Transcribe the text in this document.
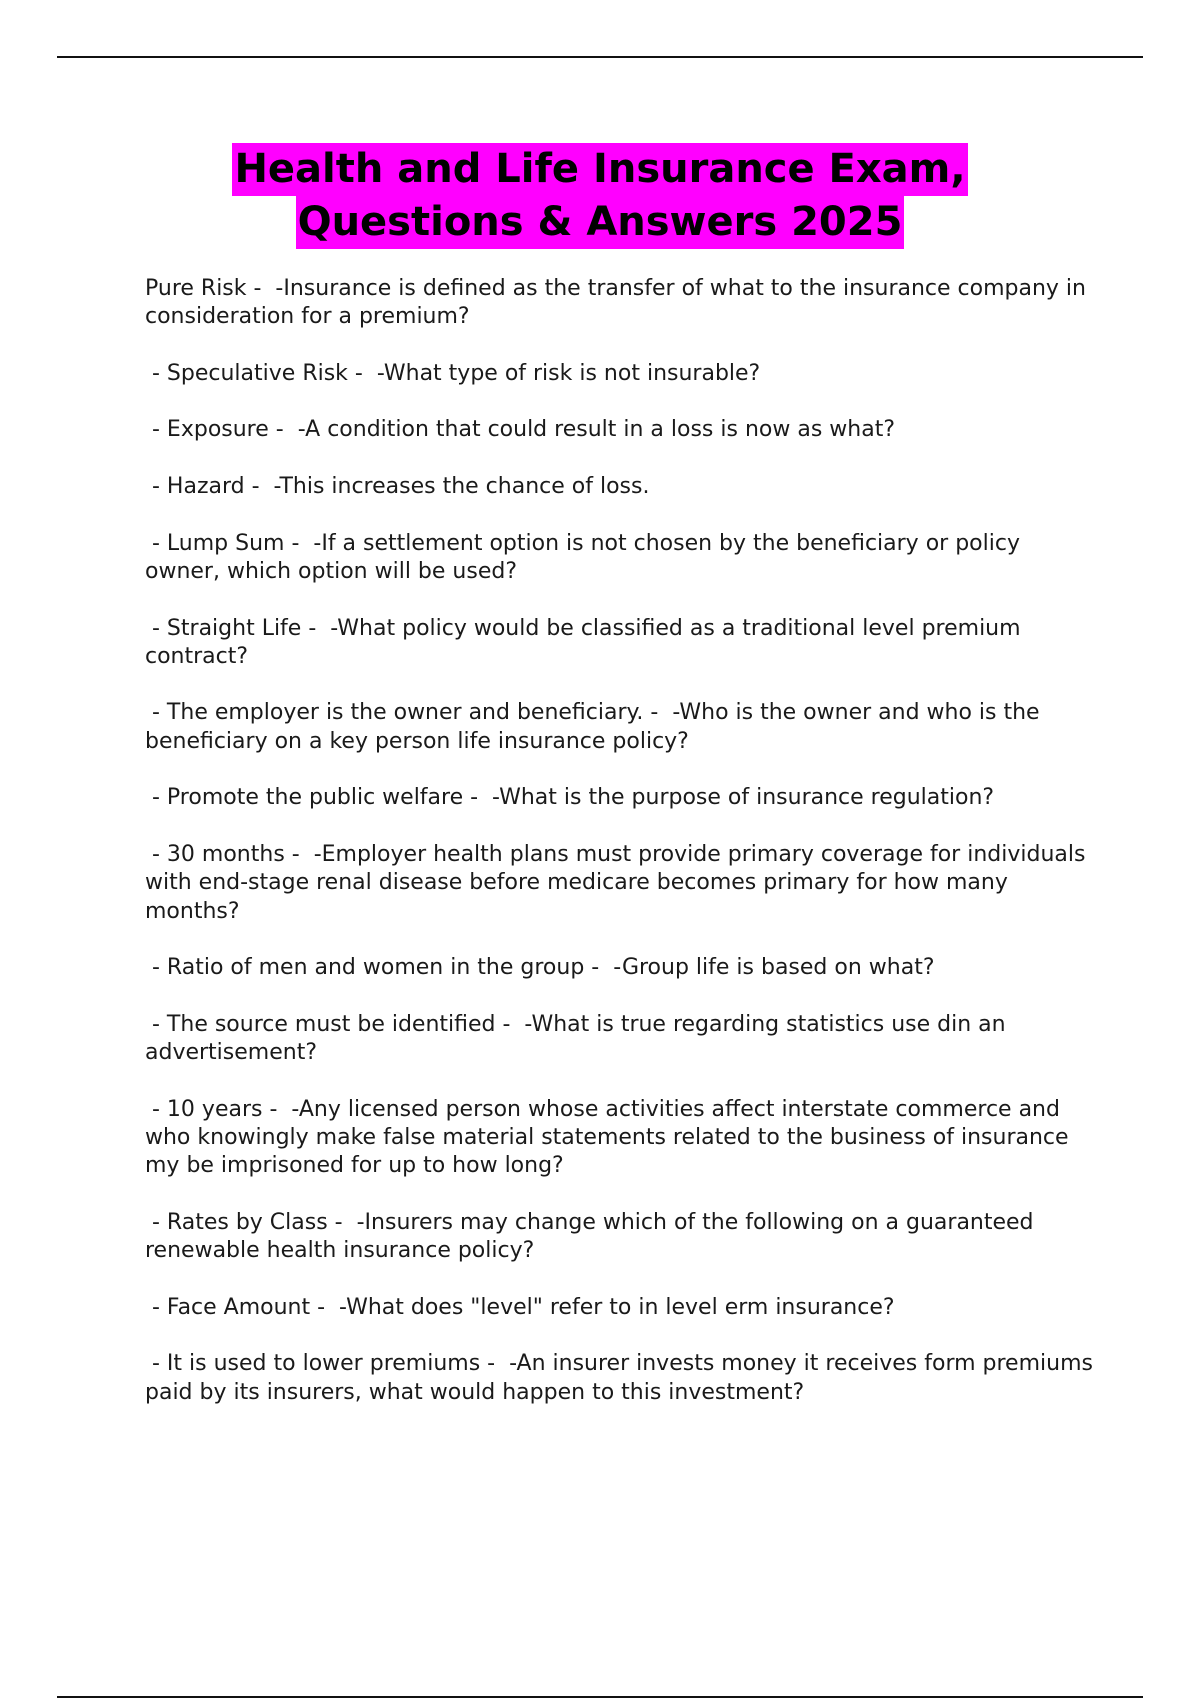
Health and Life Insurance Exam,
Questions & Answers 2025
Pure Risk -  -Insurance is defined as the transfer of what to the insurance company in consideration for a premium?
- Speculative Risk -  -What type of risk is not insurable?
- Exposure -  -A condition that could result in a loss is now as what?
- Hazard -  -This increases the chance of loss.
- Lump Sum -  -If a settlement option is not chosen by the beneficiary or policy owner, which option will be used?
- Straight Life -  -What policy would be classified as a traditional level premium contract?
- The employer is the owner and beneficiary. -  -Who is the owner and who is the beneficiary on a key person life insurance policy?
- Promote the public welfare -  -What is the purpose of insurance regulation?
- 30 months -  -Employer health plans must provide primary coverage for individuals with end-stage renal disease before medicare becomes primary for how many months?
- Ratio of men and women in the group -  -Group life is based on what?
- The source must be identified -  -What is true regarding statistics use din an advertisement?
- 10 years -  -Any licensed person whose activities affect interstate commerce and who knowingly make false material statements related to the business of insurance my be imprisoned for up to how long?
- Rates by Class -  -Insurers may change which of the following on a guaranteed renewable health insurance policy?
- Face Amount -  -What does "level" refer to in level erm insurance?
- It is used to lower premiums -  -An insurer invests money it receives form premiums paid by its insurers, what would happen to this investment?
